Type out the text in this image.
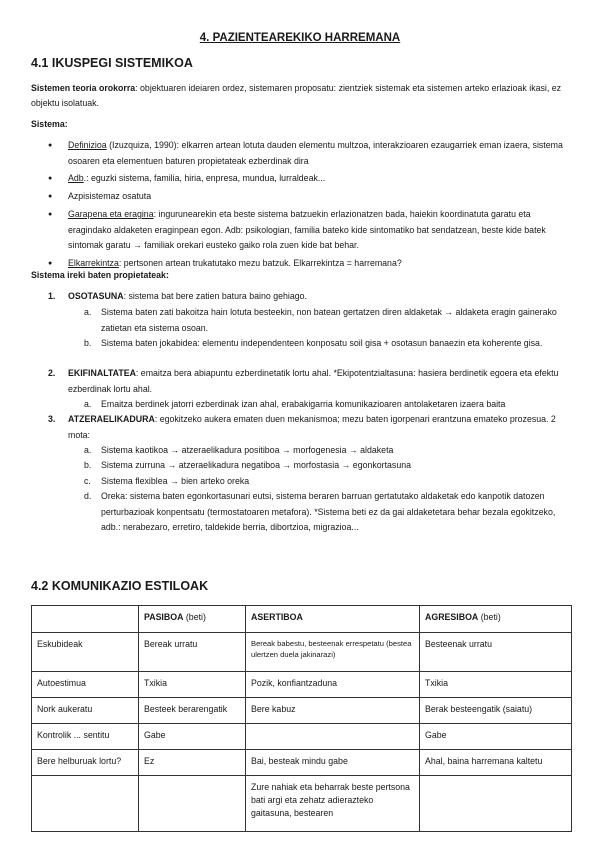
4. PAZIENTEAREKIKO HARREMANA
4.1 IKUSPEGI SISTEMIKOA
Sistemen teoria orokorra: objektuaren ideiaren ordez, sistemaren proposatu: zientziek sistemak eta sistemen arteko erlazioak ikasi, ez objektu isolatuak.
Sistema:
● Definizioa (Izuzquiza, 1990): elkarren artean lotuta dauden elementu multzoa, interakzioaren ezaugarriek eman izaera, sistema osoaren eta elementuen baturen propietateak ezberdinak dira
● Adb.: eguzki sistema, familia, hiria, enpresa, mundua, lurraldeak...
● Azpisistemaz osatuta
● Garapena eta eragina: ingurunearekin eta beste sistema batzuekin erlazionatzen bada, haiekin koordinatuta garatu eta eragindako aldaketen eraginpean egon. Adb: psikologian, familia bateko kide sintomatiko bat sendatzean, beste kide batek sintomak garatu → familiak orekari eusteko gaiko rola zuen kide bat behar.
● Elkarrekintza: pertsonen artean trukatutako mezu batzuk. Elkarrekintza = harremana?
Sistema ireki baten propietateak:
1.	OSOTASUNA: sistema bat bere zatien batura baino gehiago.
a.	Sistema baten zati bakoitza hain lotuta besteekin, non batean gertatzen diren aldaketak → aldaketa eragin gainerako zatietan eta sistema osoan.
b.	Sistema baten jokabidea: elementu independenteen konposatu soil gisa + osotasun banaezin eta koherente gisa.
2.	EKIFINALTATEA: emaitza bera abiapuntu ezberdinetatik lortu ahal. *Ekipotentzialtasuna: hasiera berdinetik egoera eta efektu ezberdinak lortu ahal.
a.	Emaitza berdinek jatorri ezberdinak izan ahal, erabakigarria komunikazioaren antolaketaren izaera baita
3.	ATZERAELIKADURA: egokitzeko aukera ematen duen mekanismoa; mezu baten igorpenari erantzuna emateko prozesua. 2 mota:
a.	Sistema kaotikoa → atzeraelikadura positiboa → morfogenesia → aldaketa
b.	Sistema zurruna → atzeraelikadura negatiboa → morfostasia → egonkortasuna
c.	Sistema flexiblea → bien arteko oreka
d.	Oreka: sistema baten egonkortasunari eutsi, sistema beraren barruan gertatutako aldaketak edo kanpotik datozen perturbazioak konpentsatu (termostatoaren metafora). *Sistema beti ez da gai aldaketetara behar bezala egokitzeko, adb.: nerabezaro, erretiro, taldekide berria, dibortzioa, migrazioa...
4.2 KOMUNIKAZIO ESTILOAK
	PASIBOA (beti)	ASERTIBOA	AGRESIBOA (beti)
Eskubideak	Bereak urratu	Bereak babestu, besteenak errespetatu (bestea ulertzen duela jakinarazi)	Besteenak urratu
Autoestimua	Txikia	Pozik, konfiantzaduna	Txikia
Nork aukeratu	Besteek berarengatik	Bere kabuz	Berak besteengatik (saiatu)
Kontrolik ... sentitu	Gabe		Gabe
Bere helburuak lortu?	Ez	Bai, besteak mindu gabe	Ahal, baina harremana kaltetu
		Zure nahiak eta beharrak beste pertsona bati argi eta zehatz adierazteko gaitasuna, bestearen	
